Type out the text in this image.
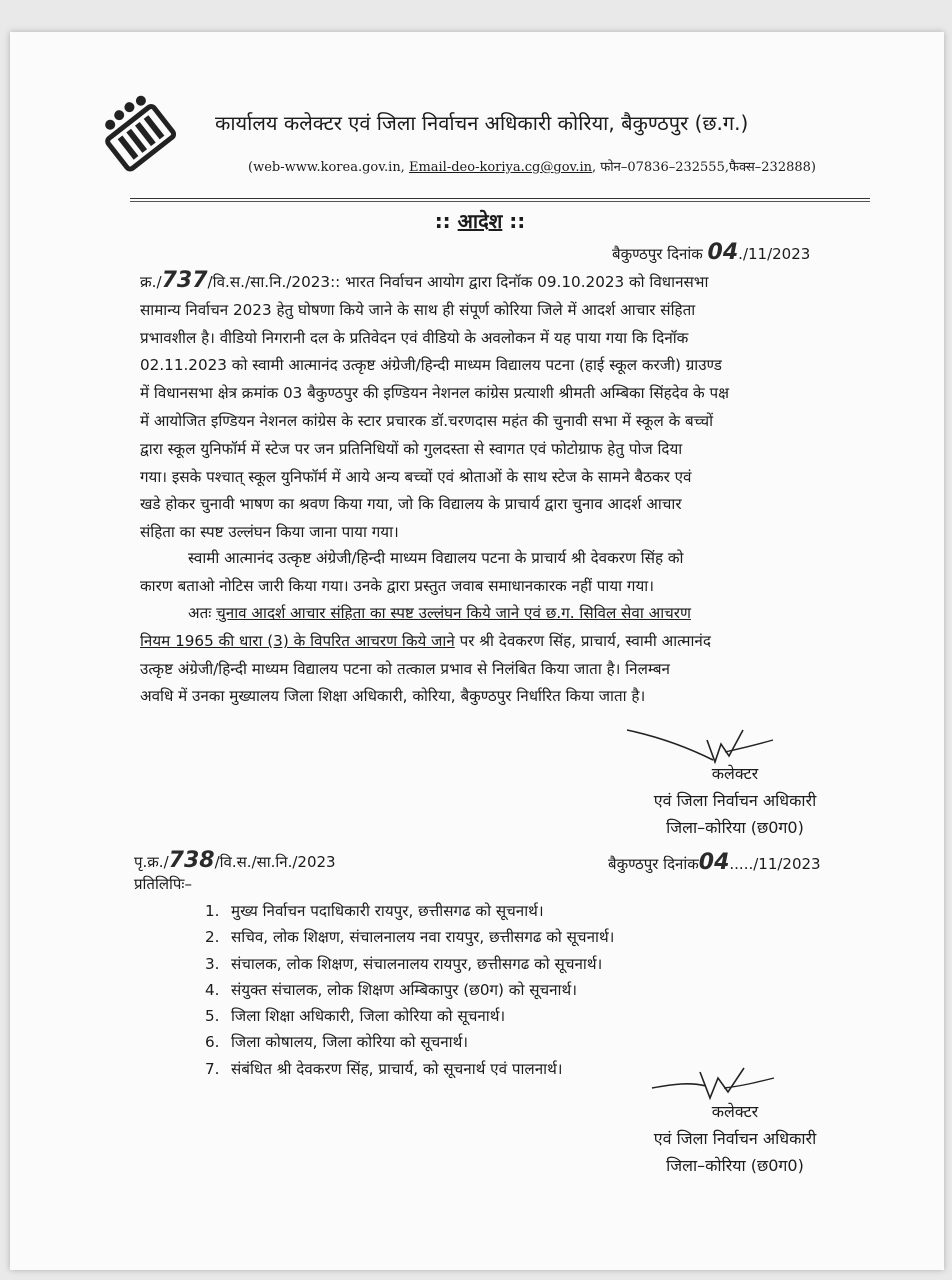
कार्यालय कलेक्टर एवं जिला निर्वाचन अधिकारी कोरिया, बैकुण्ठपुर (छ.ग.)
(web-www.korea.gov.in, Email-deo-koriya.cg@gov.in, फोन–07836–232555,फैक्स–232888)
:: आदेश ::
बैकुण्ठपुर दिनांक 04./11/2023
क्र./737/वि.स./सा.नि./2023:: भारत निर्वाचन आयोग द्वारा दिनॉक 09.10.2023 को विधानसभा
सामान्य निर्वाचन 2023 हेतु घोषणा किये जाने के साथ ही संपूर्ण कोरिया जिले में आदर्श आचार संहिता
प्रभावशील है। वीडियो निगरानी दल के प्रतिवेदन एवं वीडियो के अवलोकन में यह पाया गया कि दिनॉक
02.11.2023 को स्वामी आत्मानंद उत्कृष्ट अंग्रेजी/हिन्दी माध्यम विद्यालय पटना (हाई स्कूल करजी) ग्राउण्ड
में विधानसभा क्षेत्र क्रमांक 03 बैकुण्ठपुर की इण्डियन नेशनल कांग्रेस प्रत्याशी श्रीमती अम्बिका सिंहदेव के पक्ष
में आयोजित इण्डियन नेशनल कांग्रेस के स्टार प्रचारक डॉ.चरणदास महंत की चुनावी सभा में स्कूल के बच्चों
द्वारा स्कूल युनिफॉर्म में स्टेज पर जन प्रतिनिधियों को गुलदस्ता से स्वागत एवं फोटोग्राफ हेतु पोज दिया
गया। इसके पश्चात् स्कूल युनिफॉर्म में आये अन्य बच्चों एवं श्रोताओं के साथ स्टेज के सामने बैठकर एवं
खडे होकर चुनावी भाषण का श्रवण किया गया, जो कि विद्यालय के प्राचार्य द्वारा चुनाव आदर्श आचार
संहिता का स्पष्ट उल्लंघन किया जाना पाया गया।
स्वामी आत्मानंद उत्कृष्ट अंग्रेजी/हिन्दी माध्यम विद्यालय पटना के प्राचार्य श्री देवकरण सिंह को
कारण बताओ नोटिस जारी किया गया। उनके द्वारा प्रस्तुत जवाब समाधानकारक नहीं पाया गया।
अतः चुनाव आदर्श आचार संहिता का स्पष्ट उल्लंघन किये जाने एवं छ.ग. सिविल सेवा आचरण
नियम 1965 की धारा (3) के विपरित आचरण किये जाने पर श्री देवकरण सिंह, प्राचार्य, स्वामी आत्मानंद
उत्कृष्ट अंग्रेजी/हिन्दी माध्यम विद्यालय पटना को तत्काल प्रभाव से निलंबित किया जाता है। निलम्बन
अवधि में उनका मुख्यालय जिला शिक्षा अधिकारी, कोरिया, बैकुण्ठपुर निर्धारित किया जाता है।
कलेक्टर
एवं जिला निर्वाचन अधिकारी
जिला–कोरिया (छ0ग0)
पृ.क्र./738/वि.स./सा.नि./2023	बैकुण्ठपुर दिनांक04...../11/2023
प्रतिलिपिः–
1. मुख्य निर्वाचन पदाधिकारी रायपुर, छत्तीसगढ को सूचनार्थ।
2. सचिव, लोक शिक्षण, संचालनालय नवा रायपुर, छत्तीसगढ को सूचनार्थ।
3. संचालक, लोक शिक्षण, संचालनालय रायपुर, छत्तीसगढ को सूचनार्थ।
4. संयुक्त संचालक, लोक शिक्षण अम्बिकापुर (छ0ग) को सूचनार्थ।
5. जिला शिक्षा अधिकारी, जिला कोरिया को सूचनार्थ।
6. जिला कोषालय, जिला कोरिया को सूचनार्थ।
7. संबंधित श्री देवकरण सिंह, प्राचार्य, को सूचनार्थ एवं पालनार्थ।
कलेक्टर
एवं जिला निर्वाचन अधिकारी
जिला–कोरिया (छ0ग0)
